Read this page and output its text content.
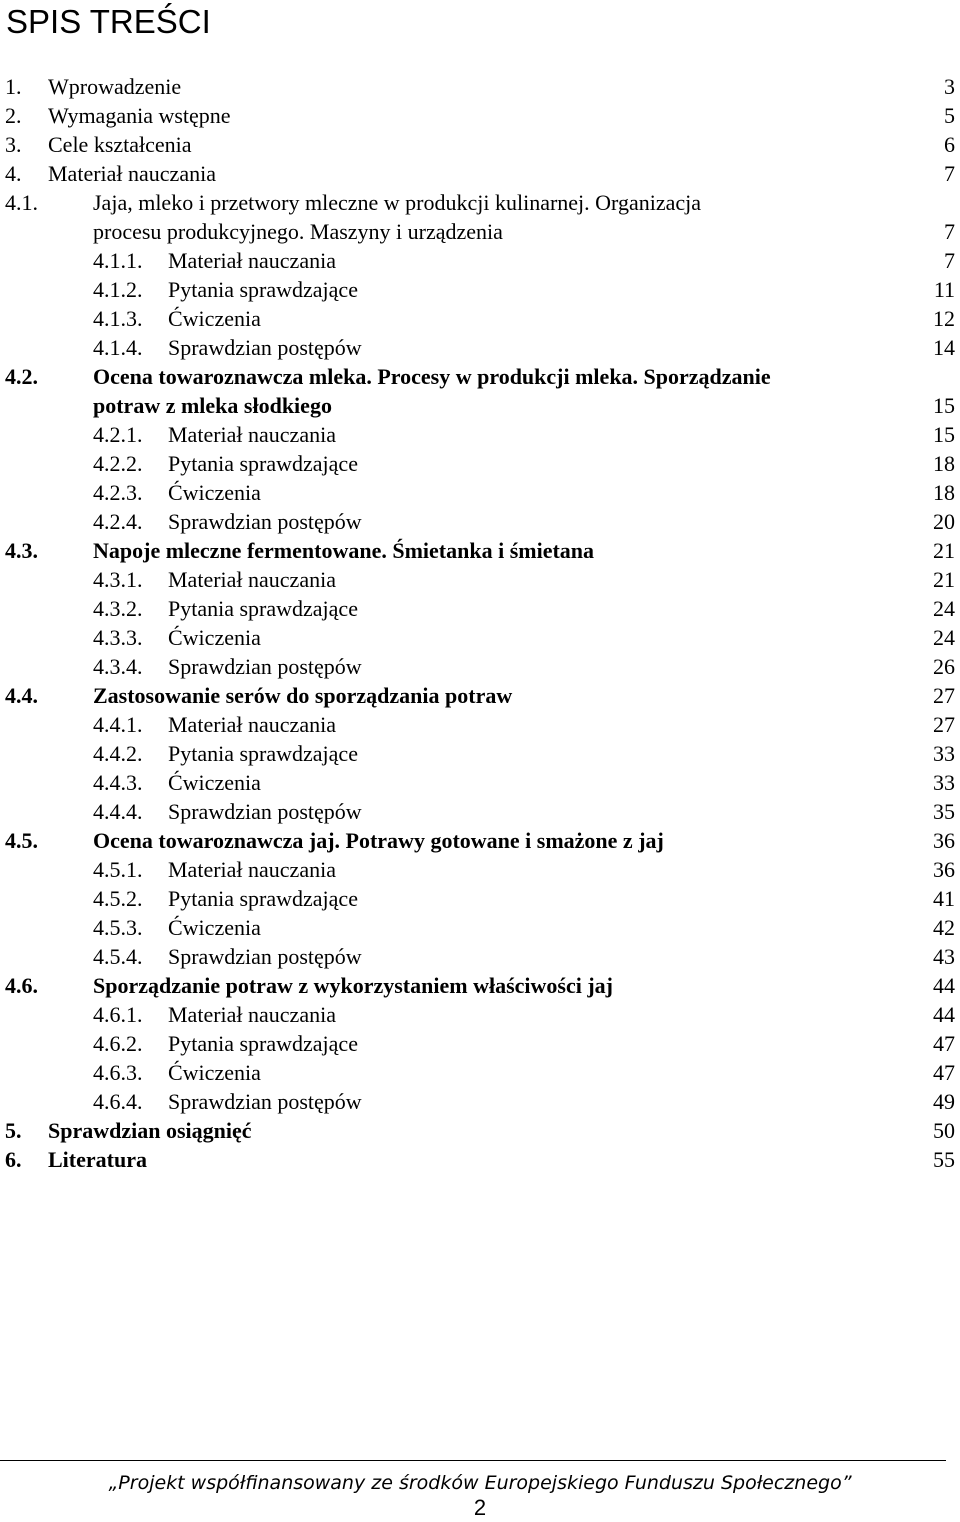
SPIS TREŚCI
1. Wprowadzenie	3
2. Wymagania wstępne	5
3. Cele kształcenia	6
4. Materiał nauczania	7
4.1.	Jaja, mleko i przetwory mleczne w produkcji kulinarnej. Organizacja
procesu produkcyjnego. Maszyny i urządzenia	7
4.1.1. Materiał nauczania	7
4.1.2. Pytania sprawdzające	11
4.1.3. Ćwiczenia	12
4.1.4. Sprawdzian postępów	14
4.2.	Ocena towaroznawcza mleka. Procesy w produkcji mleka. Sporządzanie
potraw z mleka słodkiego	15
4.2.1. Materiał nauczania	15
4.2.2. Pytania sprawdzające	18
4.2.3. Ćwiczenia	18
4.2.4. Sprawdzian postępów	20
4.3.	Napoje mleczne fermentowane. Śmietanka i śmietana	21
4.3.1. Materiał nauczania	21
4.3.2. Pytania sprawdzające	24
4.3.3. Ćwiczenia	24
4.3.4. Sprawdzian postępów	26
4.4.	Zastosowanie serów do sporządzania potraw	27
4.4.1. Materiał nauczania	27
4.4.2. Pytania sprawdzające	33
4.4.3. Ćwiczenia	33
4.4.4. Sprawdzian postępów	35
4.5.	Ocena towaroznawcza jaj. Potrawy gotowane i smażone z jaj	36
4.5.1. Materiał nauczania	36
4.5.2. Pytania sprawdzające	41
4.5.3. Ćwiczenia	42
4.5.4. Sprawdzian postępów	43
4.6.	Sporządzanie potraw z wykorzystaniem właściwości jaj	44
4.6.1. Materiał nauczania	44
4.6.2. Pytania sprawdzające	47
4.6.3. Ćwiczenia	47
4.6.4. Sprawdzian postępów	49
5. Sprawdzian osiągnięć	50
6. Literatura	55
„Projekt współfinansowany ze środków Europejskiego Funduszu Społecznego”
2
